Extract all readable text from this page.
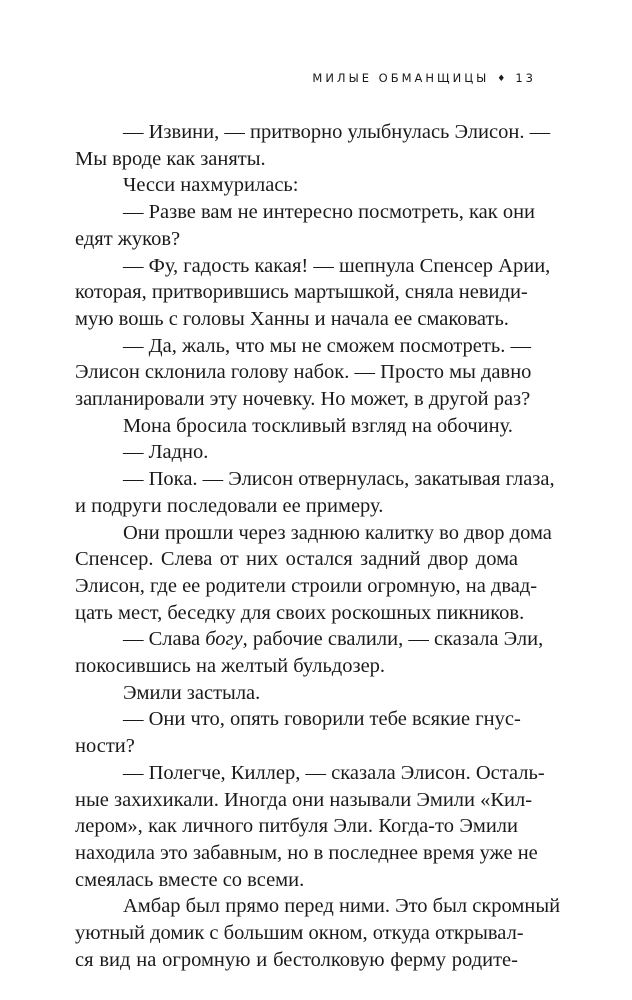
МИЛЫЕ ОБМАНЩИЦЫ ♦ 13

— Извини, — притворно улыбнулась Элисон. —
Мы вроде как заняты.

Чесси нахмурилась:

— Разве вам не интересно посмотреть, как они
едят жуков?

— Фу, гадость какая! — шепнула Спенсер Арии,
которая, притворившись мартышкой, сняла невиди-
мую вошь с головы Ханны и начала ее смаковать.

— Да, жаль, что мы не сможем посмотреть. —
Элисон склонила голову набок. — Просто мы давно
запланировали эту ночевку. Но может, в другой раз?

Мона бросила тоскливый взгляд на обочину.

— Ладно.

— Пока. — Элисон отвернулась, закатывая глаза,
и подруги последовали ее примеру.

Они прошли через заднюю калитку во двор дома
Спенсер. Слева от них остался задний двор дома
Элисон, где ее родители строили огромную, на двад-
цать мест, беседку для своих роскошных пикников.

— Слава богу, рабочие свалили, — сказала Эли,
покосившись на желтый бульдозер.

Эмили застыла.

— Они что, опять говорили тебе всякие гнус-
ности?

— Полегче, Киллер, — сказала Элисон. Осталь-
ные захихикали. Иногда они называли Эмили «Кил-
лером», как личного питбуля Эли. Когда-то Эмили
находила это забавным, но в последнее время уже не
смеялась вместе со всеми.

Амбар был прямо перед ними. Это был скромный
уютный домик с большим окном, откуда открывал-
ся вид на огромную и бестолковую ферму родите-
